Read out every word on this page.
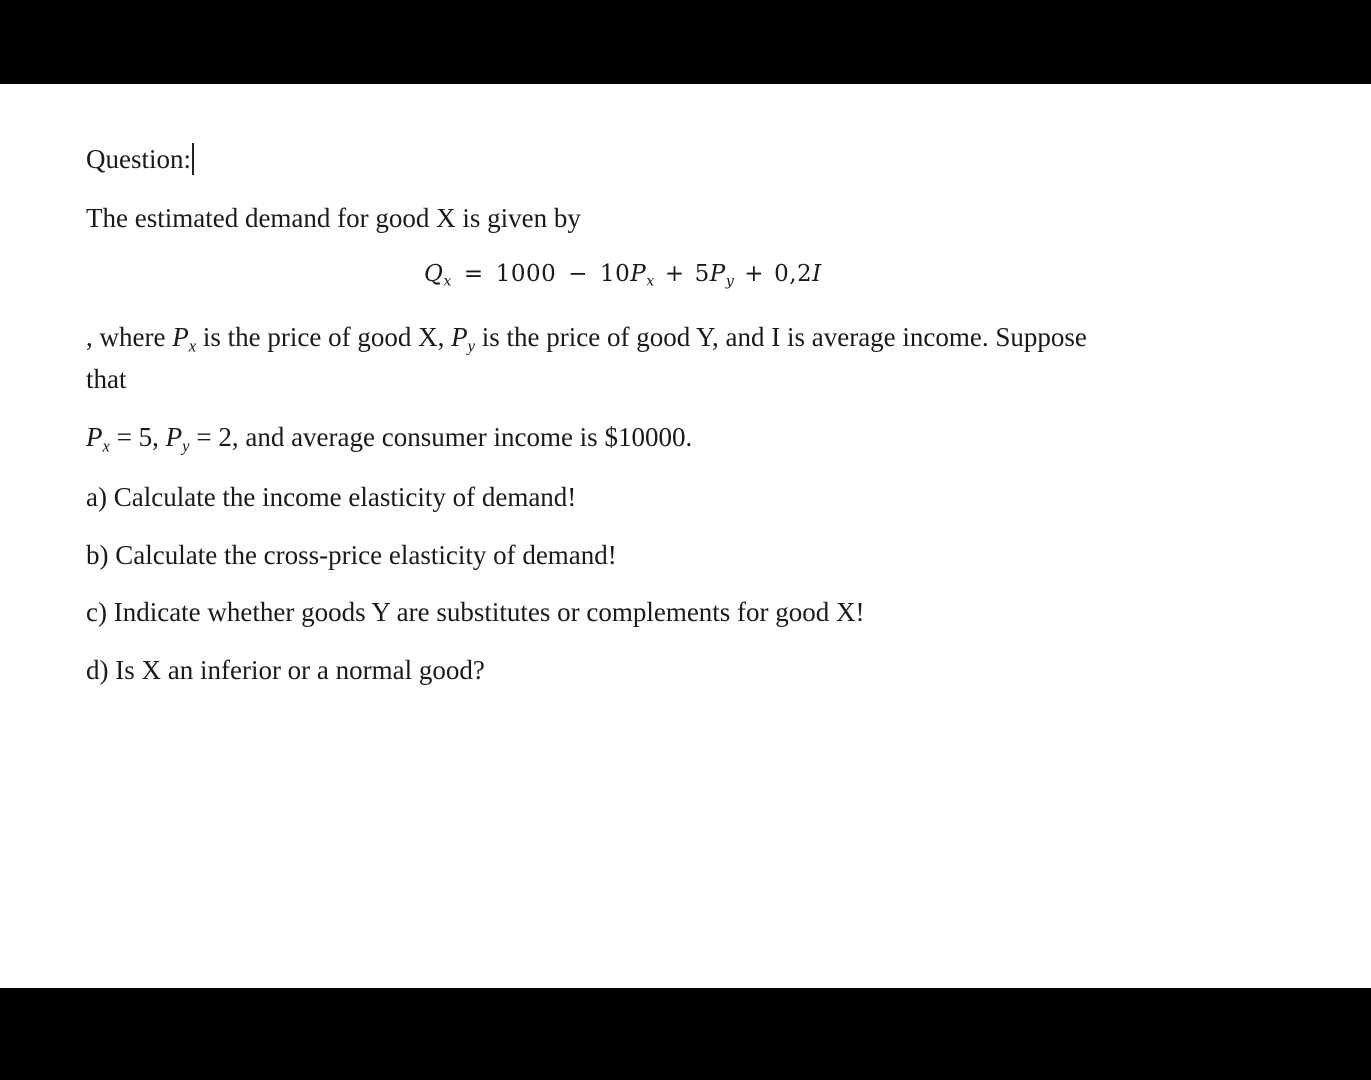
Question:
The estimated demand for good X is given by
$Q_x = 1000 - 10P_x + 5P_y + 0,2I$
, where $P_x$ is the price of good X, $P_y$ is the price of good Y, and I is average income. Suppose
that
$P_x = 5$, $P_y = 2$, and average consumer income is $10000.
a) Calculate the income elasticity of demand!
b) Calculate the cross-price elasticity of demand!
c) Indicate whether goods Y are substitutes or complements for good X!
d) Is X an inferior or a normal good?
